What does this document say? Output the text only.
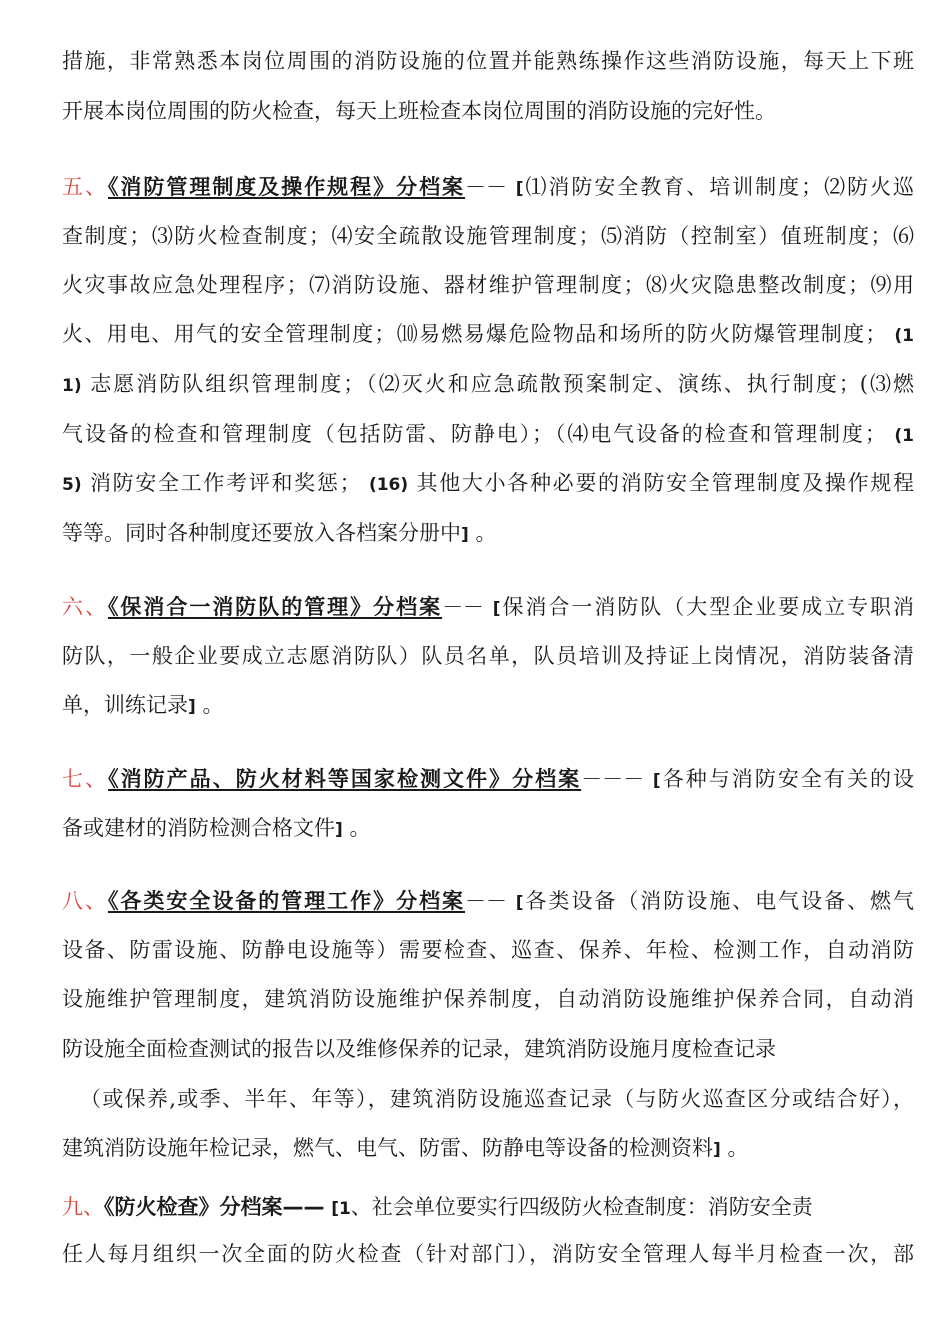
措施，非常熟悉本岗位周围的消防设施的位置并能熟练操作这些消防设施，每天上下班
开展本岗位周围的防火检查，每天上班检查本岗位周围的消防设施的完好性。
五、《消防管理制度及操作规程》分档案－－ [⑴消防安全教育、培训制度；⑵防火巡
查制度；⑶防火检查制度；⑷安全疏散设施管理制度；⑸消防（控制室）值班制度；⑹
火灾事故应急处理程序；⑺消防设施、器材维护管理制度；⑻火灾隐患整改制度；⑼用
火、用电、用气的安全管理制度；⑽易燃易爆危险物品和场所的防火防爆管理制度； (1
1) 志愿消防队组织管理制度；（⑵灭火和应急疏散预案制定、演练、执行制度；(⑶燃
气设备的检查和管理制度（包括防雷、防静电）；（⑷电气设备的检查和管理制度； (1
5) 消防安全工作考评和奖惩； (16) 其他大小各种必要的消防安全管理制度及操作规程
等等。同时各种制度还要放入各档案分册中] 。
六、《保消合一消防队的管理》分档案－－ [保消合一消防队（大型企业要成立专职消
防队，一般企业要成立志愿消防队）队员名单，队员培训及持证上岗情况，消防装备清
单，训练记录] 。
七、《消防产品、防火材料等国家检测文件》分档案－－－ [各种与消防安全有关的设
备或建材的消防检测合格文件] 。
八、《各类安全设备的管理工作》分档案－－ [各类设备（消防设施、电气设备、燃气
设备、防雷设施、防静电设施等）需要检查、巡查、保养、年检、检测工作，自动消防
设施维护管理制度，建筑消防设施维护保养制度，自动消防设施维护保养合同，自动消
防设施全面检查测试的报告以及维修保养的记录，建筑消防设施月度检查记录
（或保养,或季、半年、年等），建筑消防设施巡查记录（与防火巡查区分或结合好），
建筑消防设施年检记录，燃气、电气、防雷、防静电等设备的检测资料] 。
九、《防火检查》分档案—— [1、社会单位要实行四级防火检查制度：消防安全责
任人每月组织一次全面的防火检查（针对部门），消防安全管理人每半月检查一次，部
